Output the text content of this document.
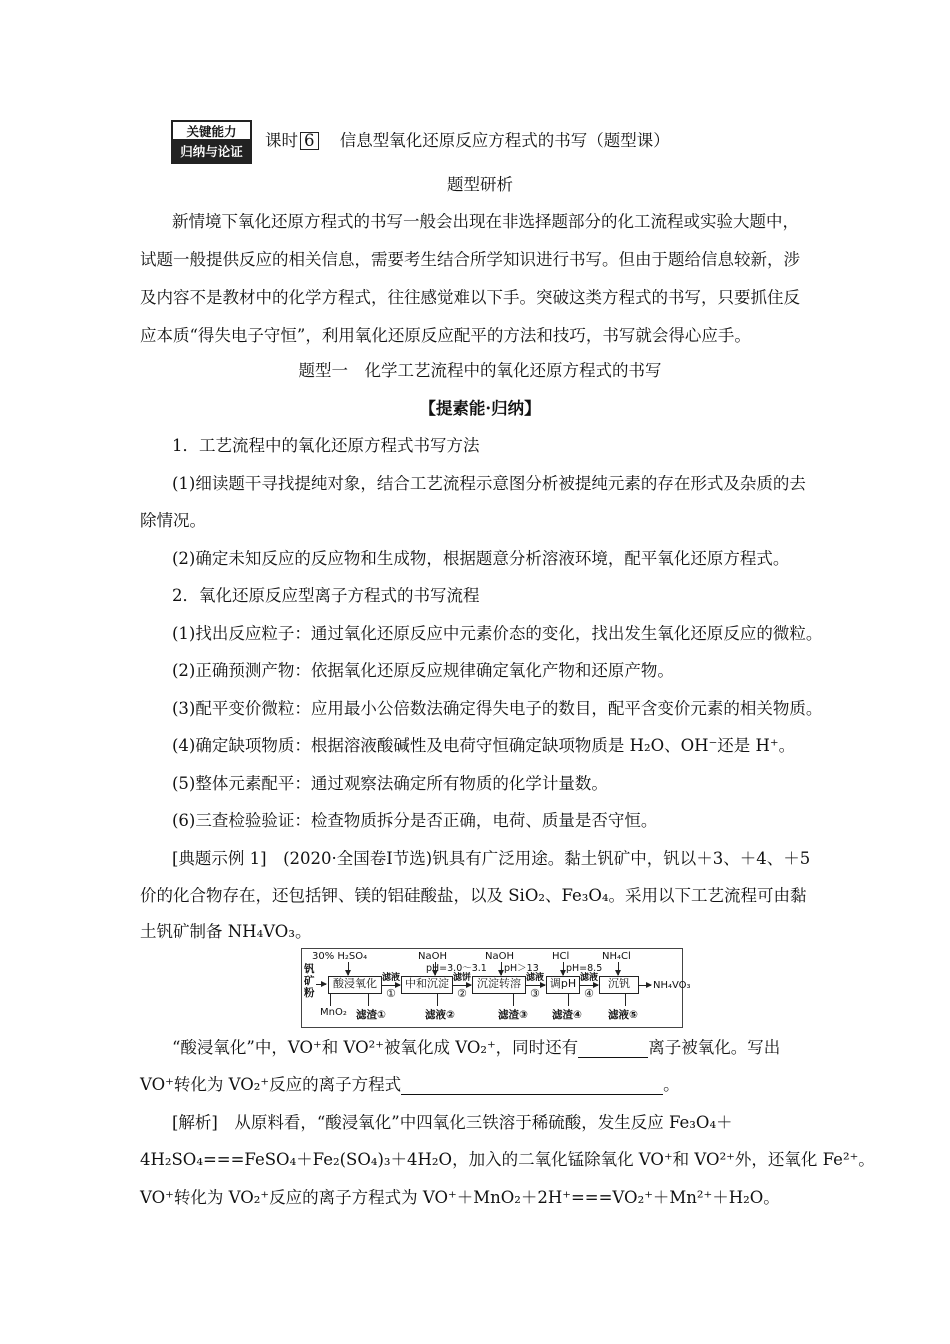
关键能力
归纳与论证
课时 6 信息型氧化还原反应方程式的书写（题型课）
题型研析
新情境下氧化还原方程式的书写一般会出现在非选择题部分的化工流程或实验大题中，
试题一般提供反应的相关信息，需要考生结合所学知识进行书写。但由于题给信息较新，涉
及内容不是教材中的化学方程式，往往感觉难以下手。突破这类方程式的书写，只要抓住反
应本质“得失电子守恒”，利用氧化还原反应配平的方法和技巧，书写就会得心应手。
题型一　化学工艺流程中的氧化还原方程式的书写
【提素能·归纳】
1．工艺流程中的氧化还原方程式书写方法
(1)细读题干寻找提纯对象，结合工艺流程示意图分析被提纯元素的存在形式及杂质的去
除情况。
(2)确定未知反应的反应物和生成物，根据题意分析溶液环境，配平氧化还原方程式。
2．氧化还原反应型离子方程式的书写流程
(1)找出反应粒子：通过氧化还原反应中元素价态的变化，找出发生氧化还原反应的微粒。
(2)正确预测产物：依据氧化还原反应规律确定氧化产物和还原产物。
(3)配平变价微粒：应用最小公倍数法确定得失电子的数目，配平含变价元素的相关物质。
(4)确定缺项物质：根据溶液酸碱性及电荷守恒确定缺项物质是 H₂O、OH⁻还是 H⁺。
(5)整体元素配平：通过观察法确定所有物质的化学计量数。
(6)三查检验验证：检查物质拆分是否正确，电荷、质量是否守恒。
[典题示例 1]　(2020·全国卷Ⅰ节选)钒具有广泛用途。黏土钒矿中，钒以＋3、＋4、＋5
价的化合物存在，还包括钾、镁的铝硅酸盐，以及 SiO₂、Fe₃O₄。采用以下工艺流程可由黏
土钒矿制备 NH₄VO₃。
钒矿粉
30% H₂SO₄	NaOH	NaOH	HCl	NH₄Cl
pH=3.0～3.1 pH＞13	pH=8.5
酸浸氧化	中和沉淀	沉淀转溶	调pH	沉钒
滤液	滤饼	滤液	滤液
①	②	③	④
NH₄VO₃
MnO₂ 滤渣①	滤液②	滤渣③ 滤渣④ 滤液⑤
“酸浸氧化”中，VO⁺和 VO²⁺被氧化成 VO₂⁺，同时还有	离子被氧化。写出
VO⁺转化为 VO₂⁺反应的离子方程式	。
[解析]　从原料看，“酸浸氧化”中四氧化三铁溶于稀硫酸，发生反应 Fe₃O₄＋
4H₂SO₄===FeSO₄＋Fe₂(SO₄)₃＋4H₂O，加入的二氧化锰除氧化 VO⁺和 VO²⁺外，还氧化 Fe²⁺。
VO⁺转化为 VO₂⁺反应的离子方程式为 VO⁺＋MnO₂＋2H⁺===VO₂⁺＋Mn²⁺＋H₂O。
